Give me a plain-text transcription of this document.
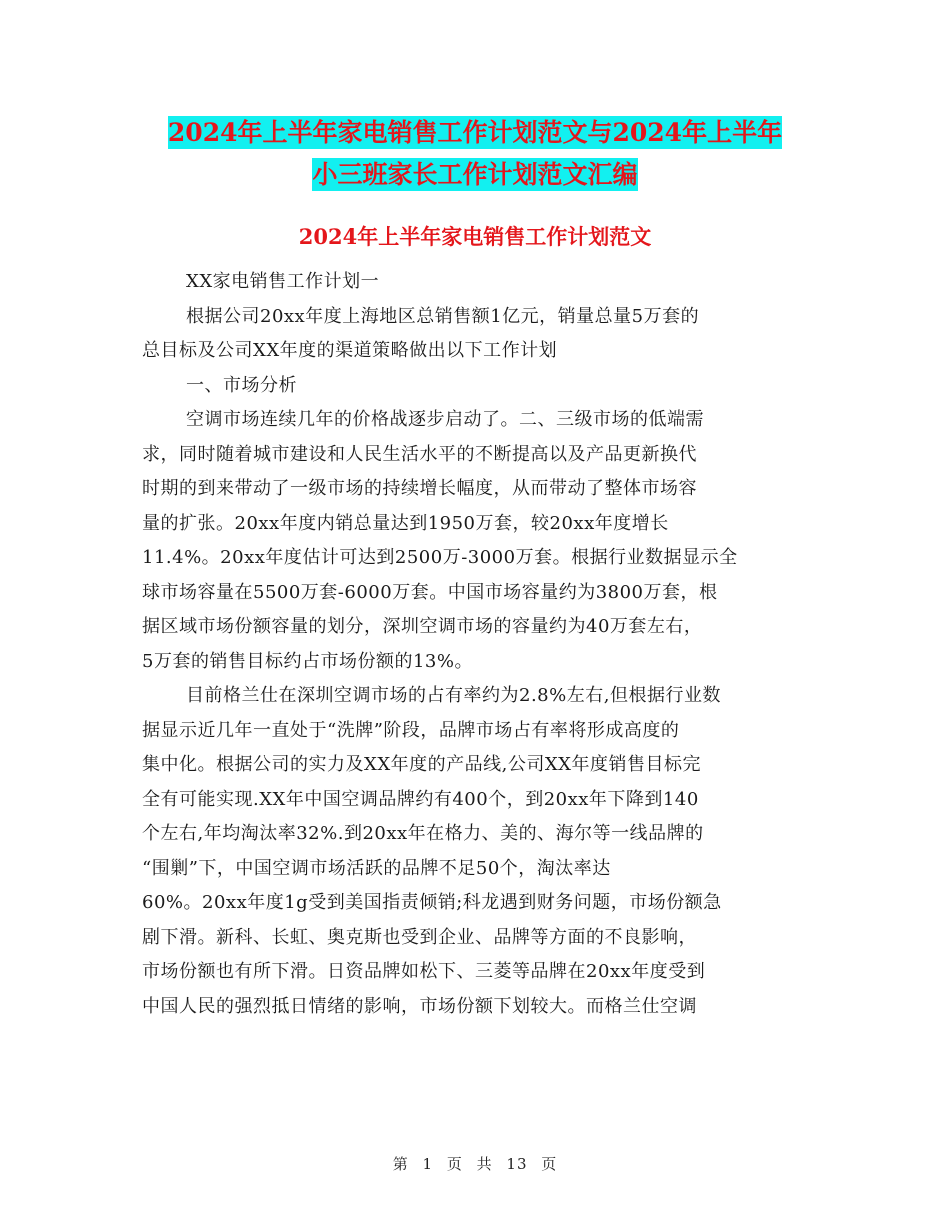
2024年上半年家电销售工作计划范文与2024年上半年
小三班家长工作计划范文汇编
2024年上半年家电销售工作计划范文
XX家电销售工作计划一
根据公司20xx年度上海地区总销售额1亿元，销量总量5万套的
总目标及公司XX年度的渠道策略做出以下工作计划
一、市场分析
空调市场连续几年的价格战逐步启动了。二、三级市场的低端需
求，同时随着城市建设和人民生活水平的不断提高以及产品更新换代
时期的到来带动了一级市场的持续增长幅度，从而带动了整体市场容
量的扩张。20xx年度内销总量达到1950万套，较20xx年度增长
11.4%。20xx年度估计可达到2500万-3000万套。根据行业数据显示全
球市场容量在5500万套-6000万套。中国市场容量约为3800万套，根
据区域市场份额容量的划分，深圳空调市场的容量约为40万套左右，
5万套的销售目标约占市场份额的13%。
目前格兰仕在深圳空调市场的占有率约为2.8%左右,但根据行业数
据显示近几年一直处于“洗牌”阶段，品牌市场占有率将形成高度的
集中化。根据公司的实力及XX年度的产品线,公司XX年度销售目标完
全有可能实现.XX年中国空调品牌约有400个，到20xx年下降到140
个左右,年均淘汰率32%.到20xx年在格力、美的、海尔等一线品牌的
“围剿”下，中国空调市场活跃的品牌不足50个，淘汰率达
60%。20xx年度1g受到美国指责倾销;科龙遇到财务问题，市场份额急
剧下滑。新科、长虹、奥克斯也受到企业、品牌等方面的不良影响，
市场份额也有所下滑。日资品牌如松下、三菱等品牌在20xx年度受到
中国人民的强烈抵日情绪的影响，市场份额下划较大。而格兰仕空调
第 1 页 共 13 页
